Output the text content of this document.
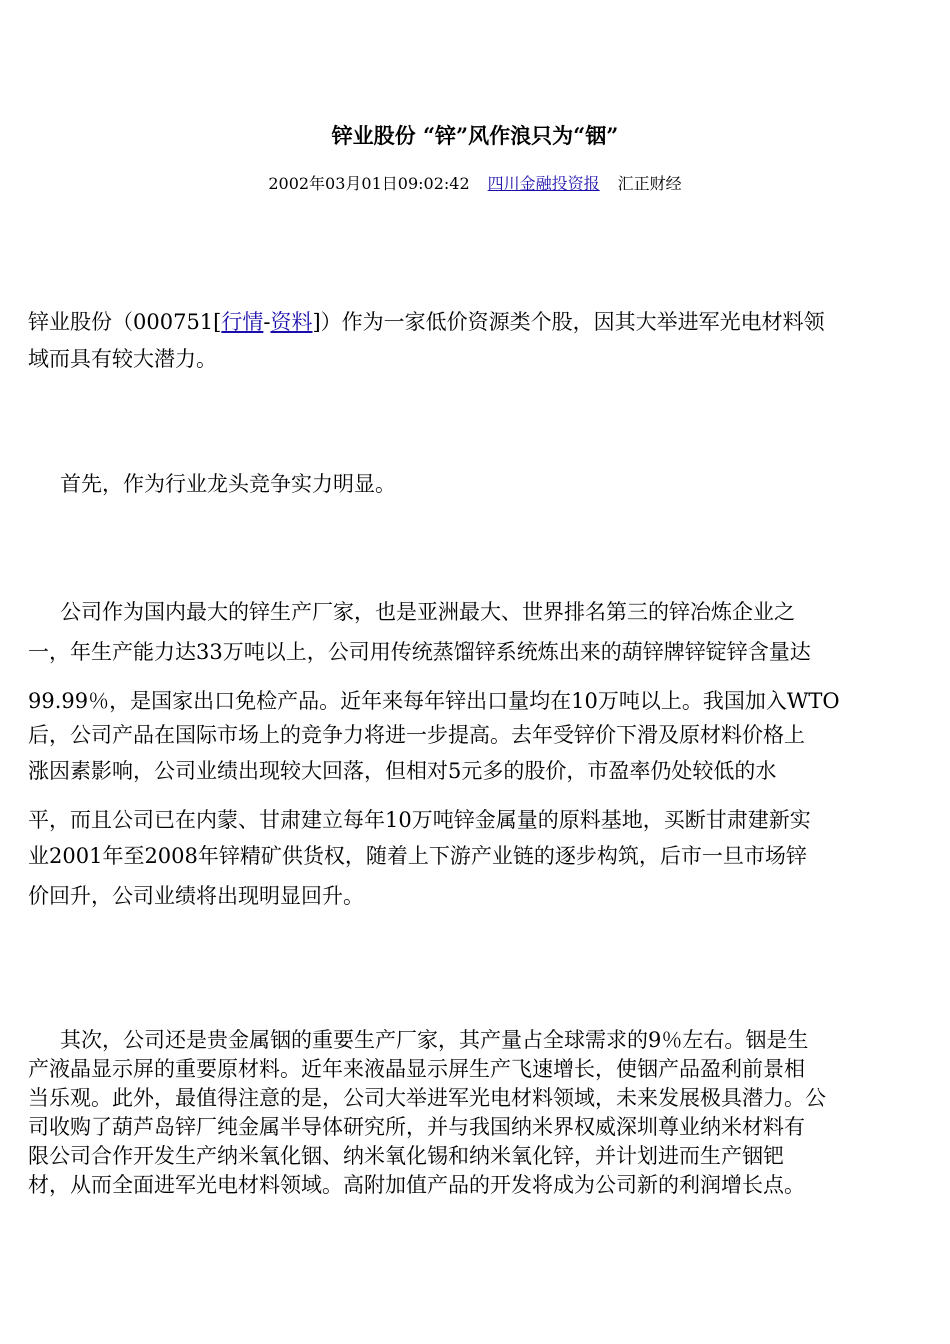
锌业股份 “锌”风作浪只为“铟”
2002年03月01日09:02:42 四川金融投资报 汇正财经
锌业股份（000751[行情-资料]）作为一家低价资源类个股，因其大举进军光电材料领
域而具有较大潜力。
首先，作为行业龙头竞争实力明显。
公司作为国内最大的锌生产厂家，也是亚洲最大、世界排名第三的锌冶炼企业之
一，年生产能力达33万吨以上，公司用传统蒸馏锌系统炼出来的葫锌牌锌锭锌含量达
99.99％，是国家出口免检产品。近年来每年锌出口量均在10万吨以上。我国加入WTO
后，公司产品在国际市场上的竞争力将进一步提高。去年受锌价下滑及原材料价格上
涨因素影响，公司业绩出现较大回落，但相对5元多的股价，市盈率仍处较低的水
平，而且公司已在内蒙、甘肃建立每年10万吨锌金属量的原料基地，买断甘肃建新实
业2001年至2008年锌精矿供货权，随着上下游产业链的逐步构筑，后市一旦市场锌
价回升，公司业绩将出现明显回升。
其次，公司还是贵金属铟的重要生产厂家，其产量占全球需求的9％左右。铟是生
产液晶显示屏的重要原材料。近年来液晶显示屏生产飞速增长，使铟产品盈利前景相
当乐观。此外，最值得注意的是，公司大举进军光电材料领域，未来发展极具潜力。公
司收购了葫芦岛锌厂纯金属半导体研究所，并与我国纳米界权威深圳尊业纳米材料有
限公司合作开发生产纳米氧化铟、纳米氧化锡和纳米氧化锌，并计划进而生产铟钯
材，从而全面进军光电材料领域。高附加值产品的开发将成为公司新的利润增长点。
